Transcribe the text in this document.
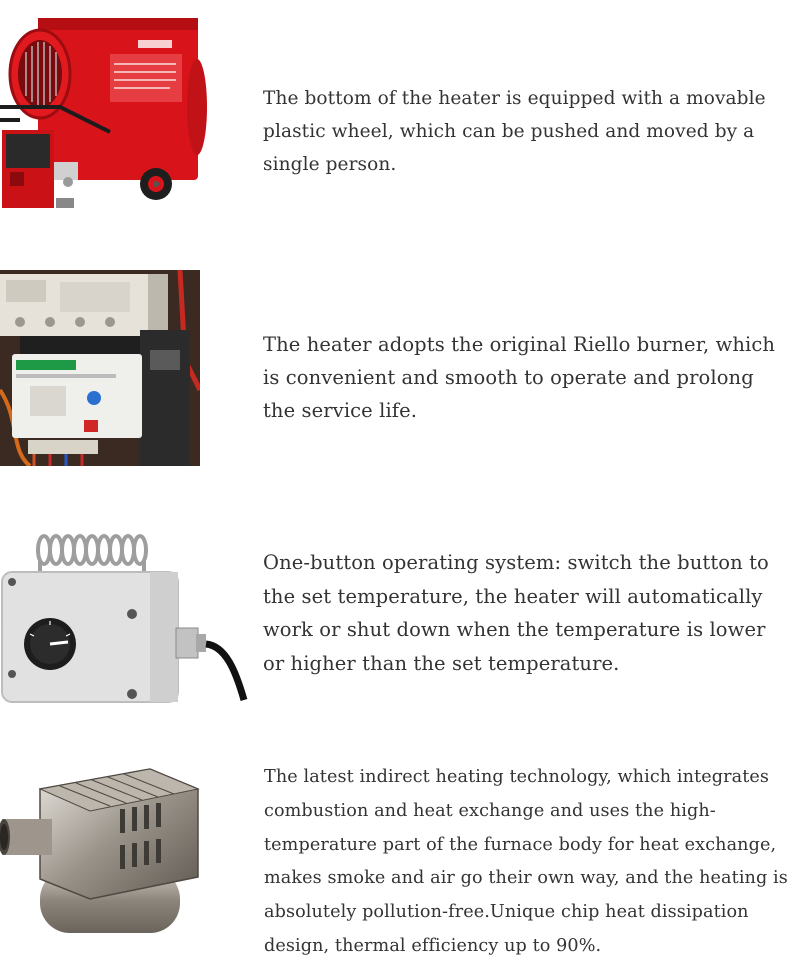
The bottom of the heater is equipped with a movable plastic wheel, which can be pushed and moved by a single person.

The heater adopts the original Riello burner, which is convenient and smooth to operate and prolong the service life.

One-button operating system: switch the button to the set temperature, the heater will automatically work or shut down when the temperature is lower or higher than the set temperature.

The latest indirect heating technology, which integrates combustion and heat exchange and uses the high-temperature part of the furnace body for heat exchange, makes smoke and air go their own way, and the heating is absolutely pollution-free.Unique chip heat dissipation design, thermal efficiency up to 90%.
